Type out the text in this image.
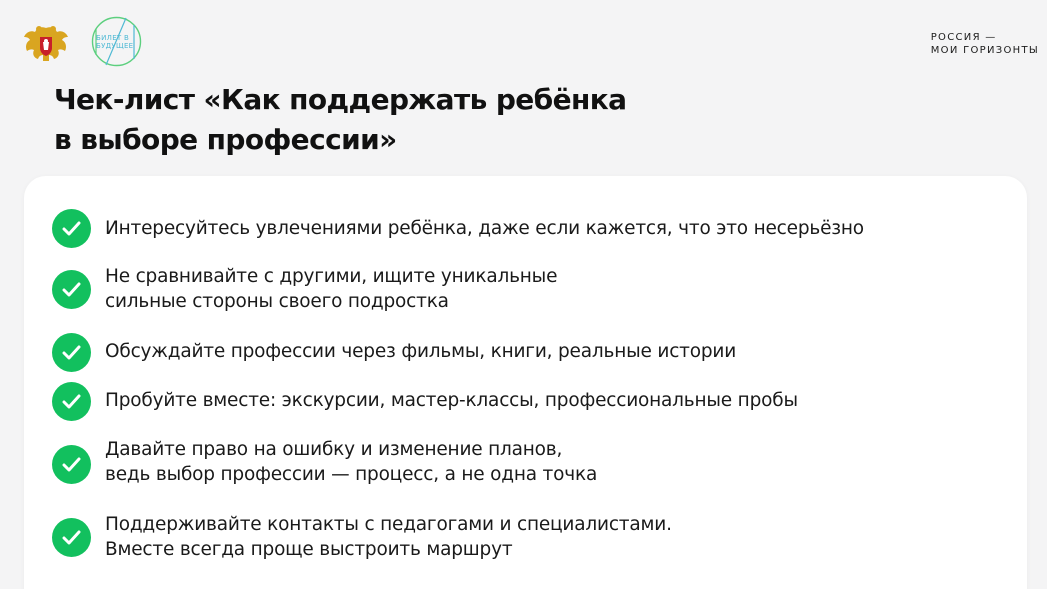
БИЛЕТ В
БУДУЩЕЕ
РОССИЯ —
МОИ ГОРИЗОНТЫ
Чек-лист «Как поддержать ребёнка
в выборе профессии»
Интересуйтесь увлечениями ребёнка, даже если кажется, что это несерьёзно
Не сравнивайте с другими, ищите уникальные
сильные стороны своего подростка
Обсуждайте профессии через фильмы, книги, реальные истории
Пробуйте вместе: экскурсии, мастер-классы, профессиональные пробы
Давайте право на ошибку и изменение планов,
ведь выбор профессии — процесс, а не одна точка
Поддерживайте контакты с педагогами и специалистами.
Вместе всегда проще выстроить маршрут
